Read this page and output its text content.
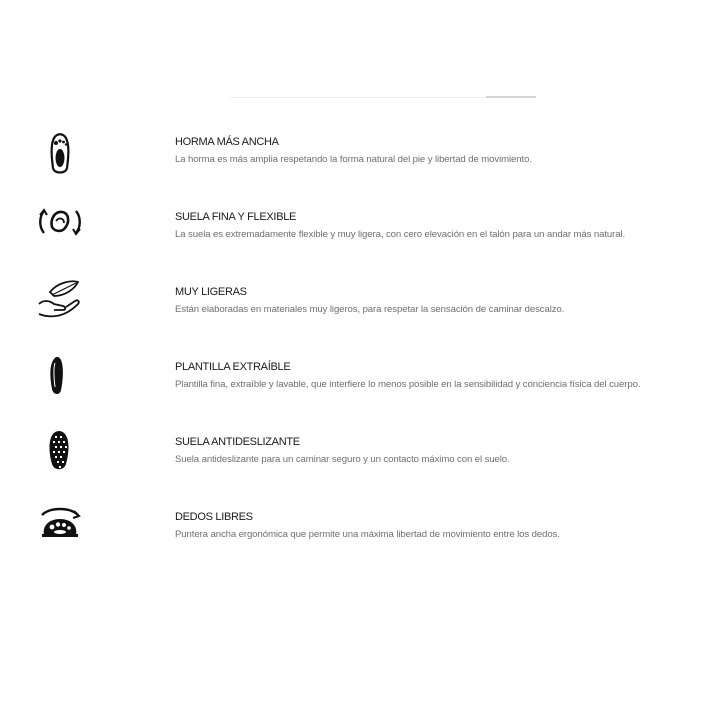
HORMA MÁS ANCHA
La horma es más amplia respetando la forma natural del pie y libertad de movimiento.
SUELA FINA Y FLEXIBLE
La suela es extremadamente flexible y muy ligera, con cero elevación en el talón para un andar más natural.
MUY LIGERAS
Están elaboradas en materiales muy ligeros, para respetar la sensación de caminar descalzo.
PLANTILLA EXTRAÍBLE
Plantilla fina, extraíble y lavable, que interfiere lo menos posible en la sensibilidad y conciencia física del cuerpo.
SUELA ANTIDESLIZANTE
Suela antideslizante para un caminar seguro y un contacto máximo con el suelo.
DEDOS LIBRES
Puntera ancha ergonómica que permite una máxima libertad de movimiento entre los dedos.
